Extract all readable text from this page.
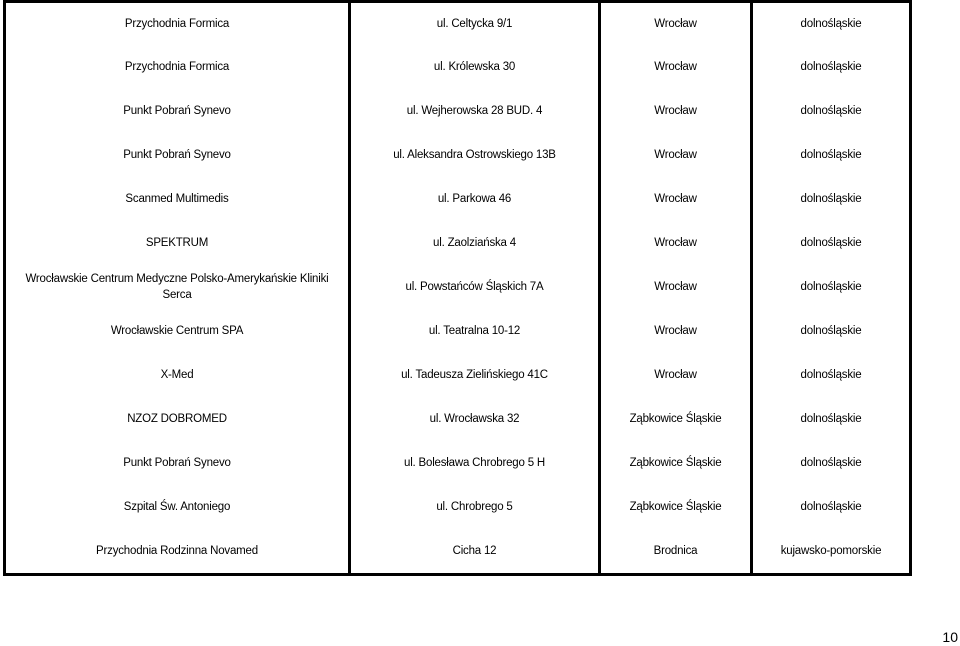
Przychodnia Formica	ul. Celtycka 9/1	Wrocław	dolnośląskie
Przychodnia Formica	ul. Królewska 30	Wrocław	dolnośląskie
Punkt Pobrań Synevo	ul. Wejherowska 28 BUD. 4	Wrocław	dolnośląskie
Punkt Pobrań Synevo	ul. Aleksandra Ostrowskiego 13B	Wrocław	dolnośląskie
Scanmed Multimedis	ul. Parkowa 46	Wrocław	dolnośląskie
SPEKTRUM	ul. Zaolziańska 4	Wrocław	dolnośląskie
Wrocławskie Centrum Medyczne Polsko-Amerykańskie Kliniki Serca	ul. Powstańców Śląskich 7A	Wrocław	dolnośląskie
Wrocławskie Centrum SPA	ul. Teatralna 10-12	Wrocław	dolnośląskie
X-Med	ul. Tadeusza Zielińskiego 41C	Wrocław	dolnośląskie
NZOZ DOBROMED	ul. Wrocławska 32	Ząbkowice Śląskie	dolnośląskie
Punkt Pobrań Synevo	ul. Bolesława Chrobrego 5 H	Ząbkowice Śląskie	dolnośląskie
Szpital Św. Antoniego	ul. Chrobrego 5	Ząbkowice Śląskie	dolnośląskie
Przychodnia Rodzinna Novamed	Cicha 12	Brodnica	kujawsko-pomorskie
10
